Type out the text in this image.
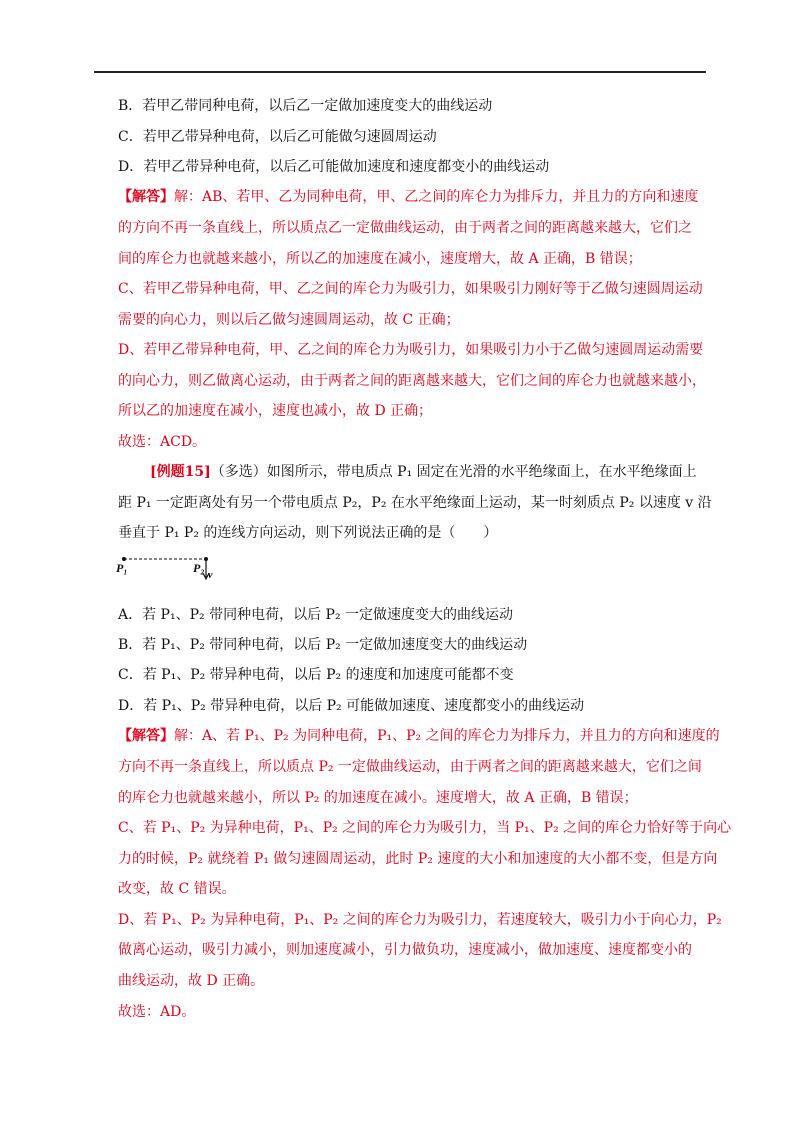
B．若甲乙带同种电荷，以后乙一定做加速度变大的曲线运动
C．若甲乙带异种电荷，以后乙可能做匀速圆周运动
D．若甲乙带异种电荷，以后乙可能做加速度和速度都变小的曲线运动
【解答】解：AB、若甲、乙为同种电荷，甲、乙之间的库仑力为排斥力，并且力的方向和速度
的方向不再一条直线上，所以质点乙一定做曲线运动，由于两者之间的距离越来越大，它们之
间的库仑力也就越来越小，所以乙的加速度在减小，速度增大，故 A 正确，B 错误；
C、若甲乙带异种电荷，甲、乙之间的库仑力为吸引力，如果吸引力刚好等于乙做匀速圆周运动
需要的向心力，则以后乙做匀速圆周运动，故 C 正确；
D、若甲乙带异种电荷，甲、乙之间的库仑力为吸引力，如果吸引力小于乙做匀速圆周运动需要
的向心力，则乙做离心运动，由于两者之间的距离越来越大，它们之间的库仑力也就越来越小，
所以乙的加速度在减小，速度也减小，故 D 正确；
故选：ACD。
[例题15]（多选）如图所示，带电质点 P₁ 固定在光滑的水平绝缘面上，在水平绝缘面上
距 P₁ 一定距离处有另一个带电质点 P₂，P₂ 在水平绝缘面上运动，某一时刻质点 P₂ 以速度 v 沿
垂直于 P₁ P₂ 的连线方向运动，则下列说法正确的是（　　）
P₁	P₂
v
A．若 P₁、P₂ 带同种电荷，以后 P₂ 一定做速度变大的曲线运动
B．若 P₁、P₂ 带同种电荷，以后 P₂ 一定做加速度变大的曲线运动
C．若 P₁、P₂ 带异种电荷，以后 P₂ 的速度和加速度可能都不变
D．若 P₁、P₂ 带异种电荷，以后 P₂ 可能做加速度、速度都变小的曲线运动
【解答】解：A、若 P₁、P₂ 为同种电荷，P₁、P₂ 之间的库仑力为排斥力，并且力的方向和速度的
方向不再一条直线上，所以质点 P₂ 一定做曲线运动，由于两者之间的距离越来越大，它们之间
的库仑力也就越来越小，所以 P₂ 的加速度在减小。速度增大，故 A 正确，B 错误；
C、若 P₁、P₂ 为异种电荷，P₁、P₂ 之间的库仑力为吸引力，当 P₁、P₂ 之间的库仑力恰好等于向心
力的时候，P₂ 就绕着 P₁ 做匀速圆周运动，此时 P₂ 速度的大小和加速度的大小都不变，但是方向
改变，故 C 错误。
D、若 P₁、P₂ 为异种电荷，P₁、P₂ 之间的库仑力为吸引力，若速度较大，吸引力小于向心力，P₂
做离心运动，吸引力减小，则加速度减小，引力做负功，速度减小，做加速度、速度都变小的
曲线运动，故 D 正确。
故选：AD。
